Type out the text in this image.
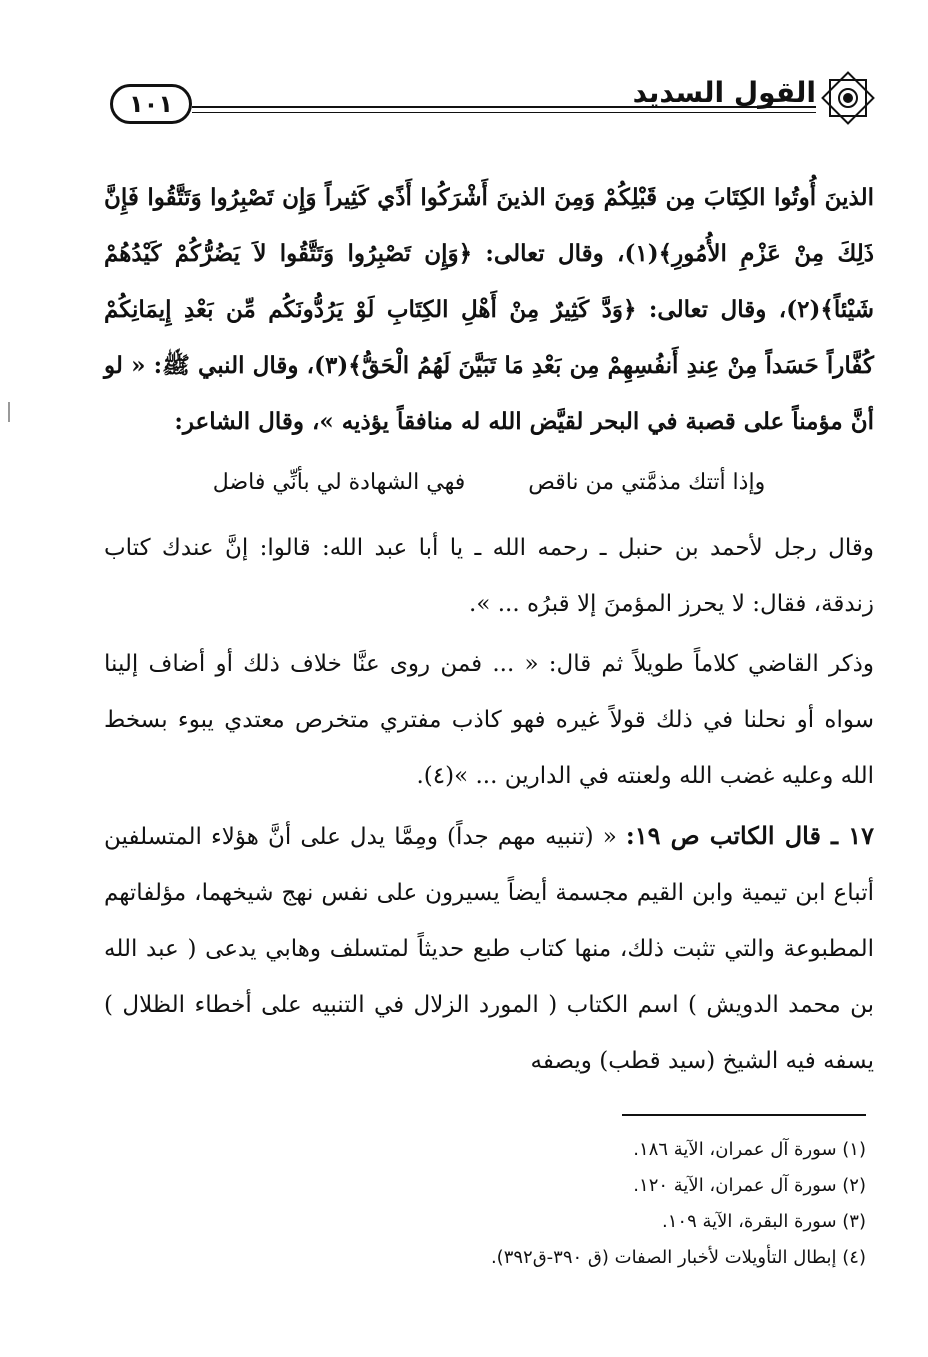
القول السديد
١٠١

الذينَ أُوتُوا الكِتَابَ مِن قَبْلِكُمْ وَمِنَ الذينَ أَشْرَكُوا أَذًي كَثِيراً وَإِن تَصْبِرُوا وَتَتَّقُوا فَإِنَّ ذَلِكَ مِنْ عَزْمِ الأُمُورِ﴾(١)، وقال تعالى: ﴿وَإِن تَصْبِرُوا وَتَتَّقُوا لاَ يَضُرُّكُمْ كَيْدُهُمْ شَيْئاً﴾(٢)، وقال تعالى: ﴿وَدَّ كَثِيرٌ مِنْ أَهْلِ الكِتَابِ لَوْ يَرُدُّونَكُم مِّن بَعْدِ إِيمَانِكُمْ كُفَّاراً حَسَداً مِنْ عِندِ أَنفُسِهِمْ مِن بَعْدِ مَا تَبَيَّنَ لَهُمُ الْحَقُّ﴾(٣)، وقال النبي ﷺ: « لو أنَّ مؤمناً على قصبة في البحر لقيَّض الله له منافقاً يؤذيه »، وقال الشاعر:

وإذا أتتك مذمَّتي من ناقص فهي الشهادة لي بأنِّي فاضل

وقال رجل لأحمد بن حنبل ـ رحمه الله ـ يا أبا عبد الله: قالوا: إنَّ عندك كتاب زندقة، فقال: لا يحرز المؤمنَ إلا قبرُه ... ».

وذكر القاضي كلاماً طويلاً ثم قال: « ... فمن روى عنَّا خلاف ذلك أو أضاف إلينا سواه أو نحلنا في ذلك قولاً غيره فهو كاذب مفتري متخرص معتدي يبوء بسخط الله وعليه غضب الله ولعنته في الدارين ... »(٤).

١٧ ـ قال الكاتب ص ١٩: « (تنبيه مهم جداً) ومِمَّا يدل على أنَّ هؤلاء المتسلفين أتباع ابن تيمية وابن القيم مجسمة أيضاً يسيرون على نفس نهج شيخهما، مؤلفاتهم المطبوعة والتي تثبت ذلك، منها كتاب طبع حديثاً لمتسلف وهابي يدعى ( عبد الله بن محمد الدويش ) اسم الكتاب ( المورد الزلال في التنبيه على أخطاء الظلال ) يسفه فيه الشيخ (سيد قطب) ويصفه

(١) سورة آل عمران، الآية ١٨٦.

(٢) سورة آل عمران، الآية ١٢٠.

(٣) سورة البقرة، الآية ١٠٩.

(٤) إبطال التأويلات لأخبار الصفات (ق ٣٩٠-ق٣٩٢).
